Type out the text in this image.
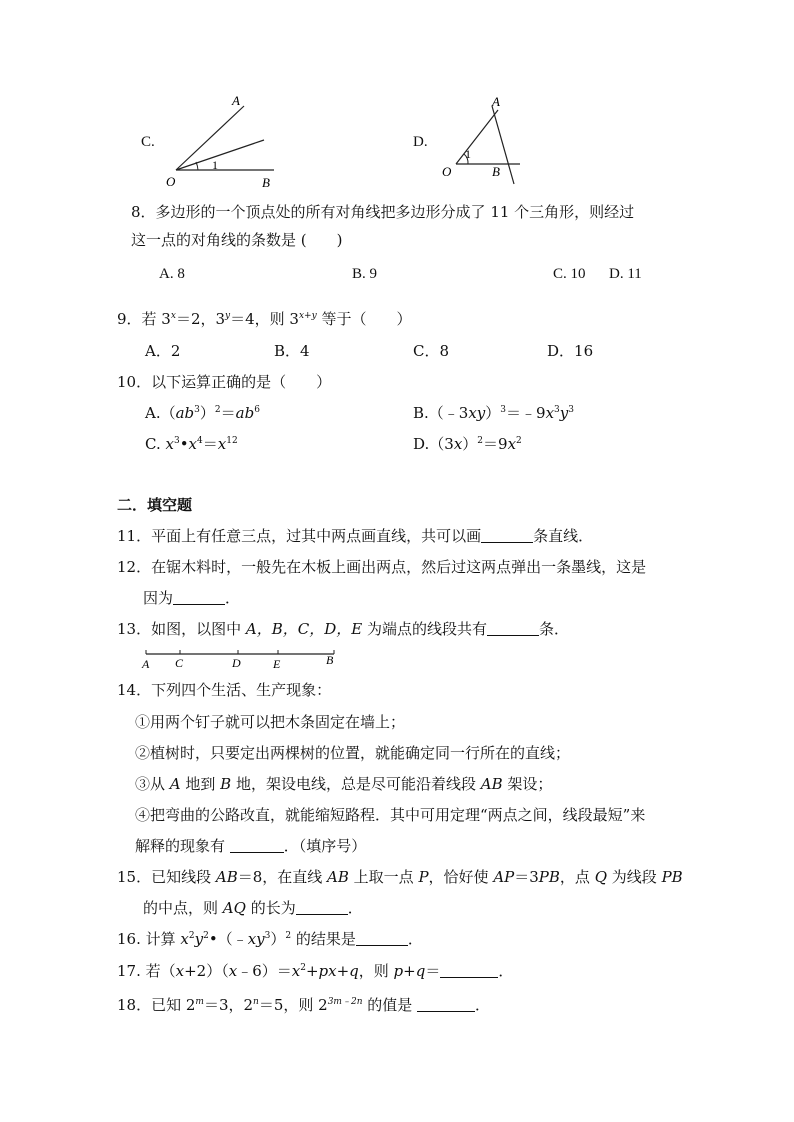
C.
A
1
O	B
D.
A
1
O	B
8．多边形的一个顶点处的所有对角线把多边形分成了 11 个三角形，则经过
这一点的对角线的条数是 (　　)
A. 8	B. 9	C. 10 D. 11
9．若 $3^x=2$，$3^y=4$，则 $3^{x+y}$ 等于（　　）
A．2	B．4	C．8	D．16
10．以下运算正确的是（　　）
$A.(ab^3)^2=ab^6$	$B.(﹣3xy)^3=﹣9x^3y^3$
C. $x^3•x^4=x^{12}$	$D.(3x)^2=9x^2$
二．填空题
11．平面上有任意三点，过其中两点画直线，共可以画	条直线．
12．在锯木料时，一般先在木板上画出两点，然后过这两点弹出一条墨线，这是
因为	．
13．如图，以图中 A，B，C，D，E 为端点的线段共有	条．
A C	D	E	B
14．下列四个生活、生产现象：
①用两个钉子就可以把木条固定在墙上；
②植树时，只要定出两棵树的位置，就能确定同一行所在的直线；
③从 A 地到 B 地，架设电线，总是尽可能沿着线段 AB 架设；
④把弯曲的公路改直，就能缩短路程．其中可用定理“两点之间，线段最短”来
解释的现象有	．（填序号）
15．已知线段 AB＝8，在直线 AB 上取一点 P，恰好使 AP＝3PB，点 Q 为线段 PB
的中点，则 AQ 的长为	．
16. 计算 $x^2y^2•(﹣xy^3)^2$ 的结果是	．
17. 若$(x+2)(x﹣6)=x^2+px+q$，则 p+q＝	．
18．已知 $2^m=3$，$2^n=5$，则 $2^{3m﹣2n}$ 的值是	．
